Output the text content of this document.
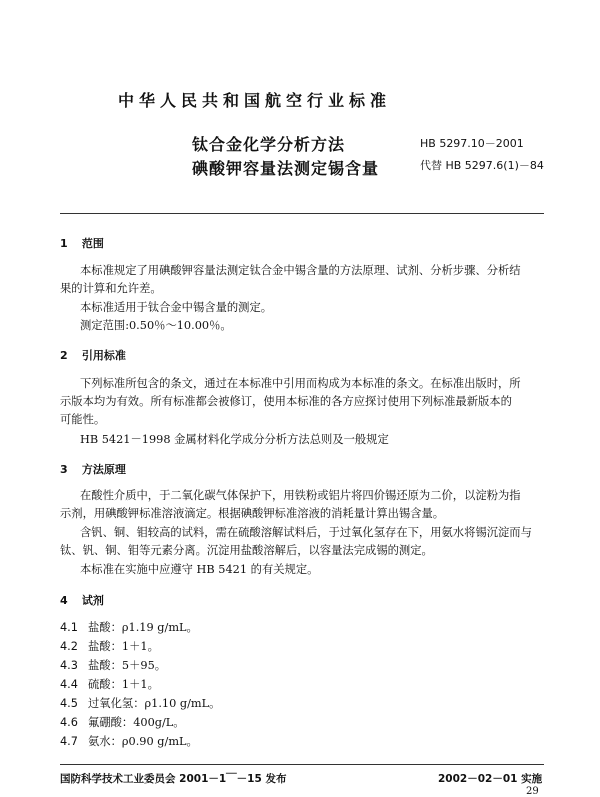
中华人民共和国航空行业标准
钛合金化学分析方法
碘酸钾容量法测定锡含量
HB 5297.10－2001
代替 HB 5297.6(1)－84
1 范围
本标准规定了用碘酸钾容量法测定钛合金中锡含量的方法原理、试剂、分析步骤、分析结
果的计算和允许差。
本标准适用于钛合金中锡含量的测定。
测定范围:0.50％～10.00％。
2 引用标准
下列标准所包含的条文，通过在本标准中引用而构成为本标准的条文。在标准出版时，所
示版本均为有效。所有标准都会被修订，使用本标准的各方应探讨使用下列标准最新版本的
可能性。
HB 5421－1998 金属材料化学成分分析方法总则及一般规定
3 方法原理
在酸性介质中，于二氧化碳气体保护下，用铁粉或铝片将四价锡还原为二价，以淀粉为指
示剂，用碘酸钾标准溶液滴定。根据碘酸钾标准溶液的消耗量计算出锡含量。
含钒、铜、钼较高的试料，需在硫酸溶解试料后，于过氧化氢存在下，用氨水将锡沉淀而与
钛、钒、铜、钼等元素分离。沉淀用盐酸溶解后，以容量法完成锡的测定。
本标准在实施中应遵守 HB 5421 的有关规定。
4 试剂
4.1 盐酸：ρ1.19 g/mL。
4.2 盐酸：1＋1。
4.3 盐酸：5＋95。
4.4 硫酸：1＋1。
4.5 过氧化氢：ρ1.10 g/mL。
4.6 氟硼酸：400g/L。
4.7 氨水：ρ0.90 g/mL。
国防科学技术工业委员会 2001－1￣－15 发布	2002－02－01 实施
29
